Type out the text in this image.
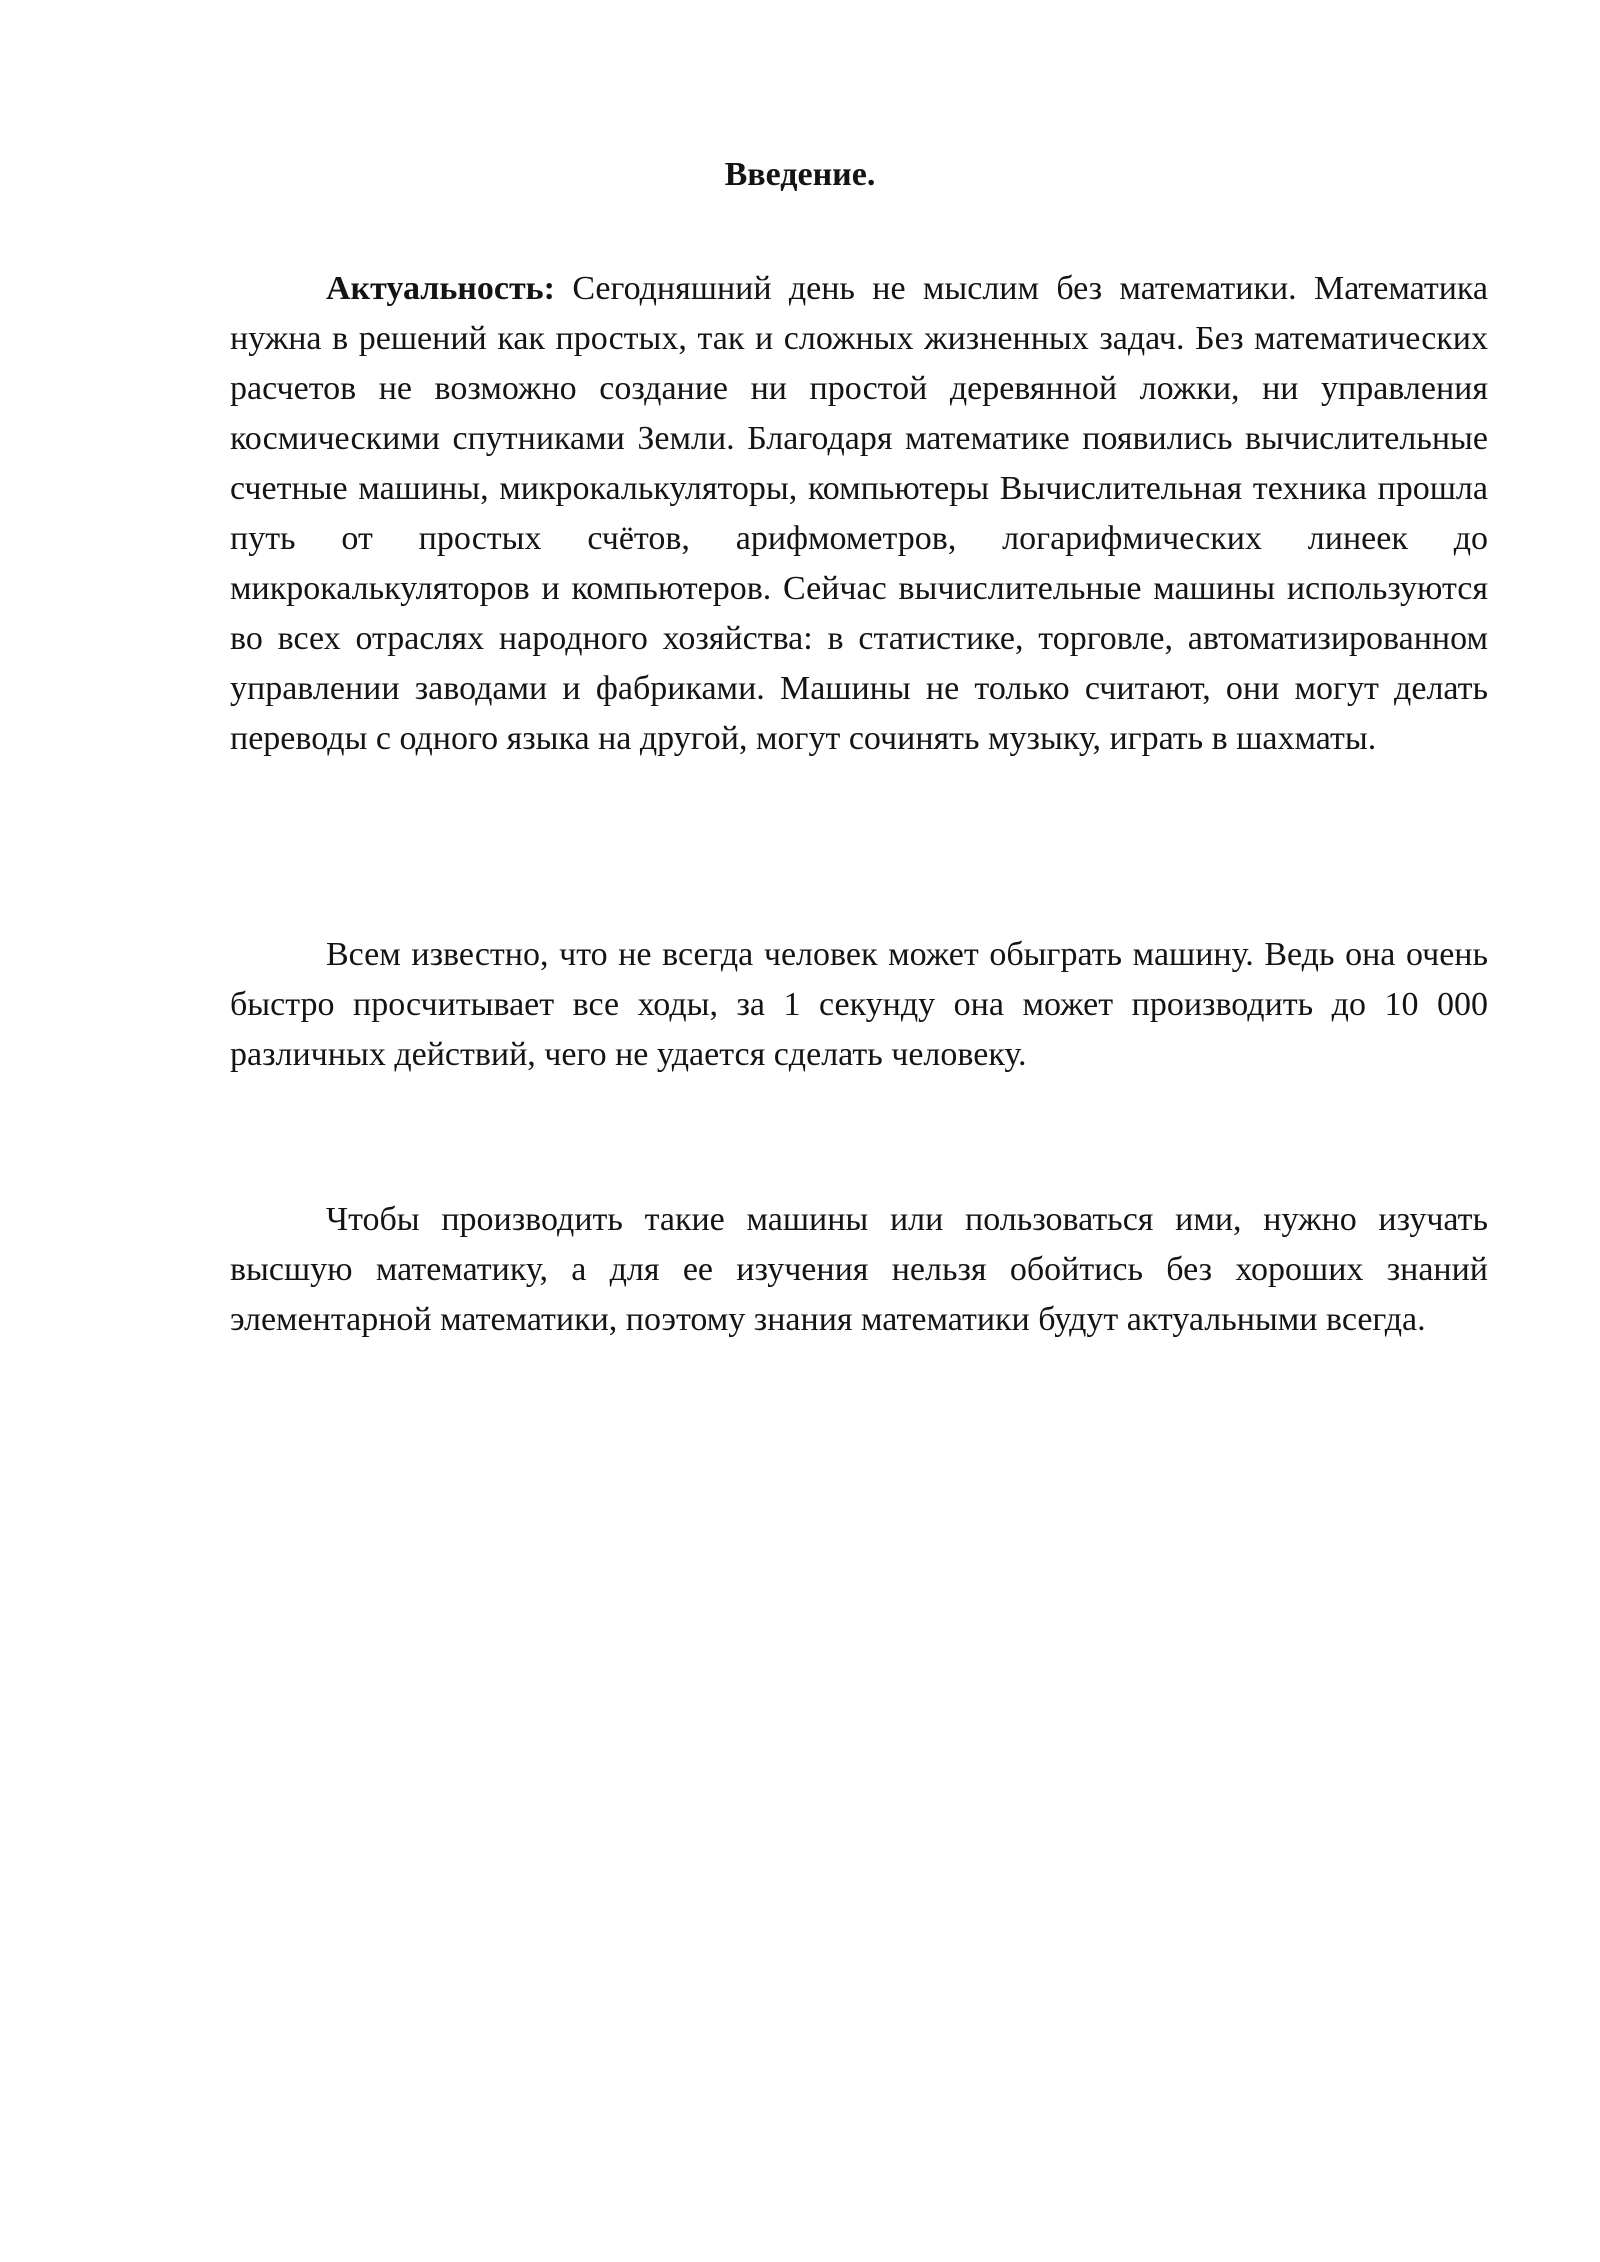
Введение.

Актуальность: Сегодняшний день не мыслим без математики. Математика нужна в решений как простых, так и сложных жизненных задач. Без математических расчетов не возможно создание ни простой деревянной ложки, ни управления космическими спутниками Земли. Благодаря математике появились вычислительные счетные машины, микрокалькуляторы, компьютеры Вычислительная техника прошла путь от простых счётов, арифмометров, логарифмических линеек до микрокалькуляторов и компьютеров. Сейчас вычислительные машины используются во всех отраслях народного хозяйства: в статистике, торговле, автоматизированном управлении заводами и фабриками. Машины не только считают, они могут делать переводы с одного языка на другой, могут сочинять музыку, играть в шахматы.

Всем известно, что не всегда человек может обыграть машину. Ведь она очень быстро просчитывает все ходы, за 1 секунду она может производить до 10 000 различных действий, чего не удается сделать человеку.

Чтобы производить такие машины или пользоваться ими, нужно изучать высшую математику, а для ее изучения нельзя обойтись без хороших знаний элементарной математики, поэтому знания математики будут актуальными всегда.
